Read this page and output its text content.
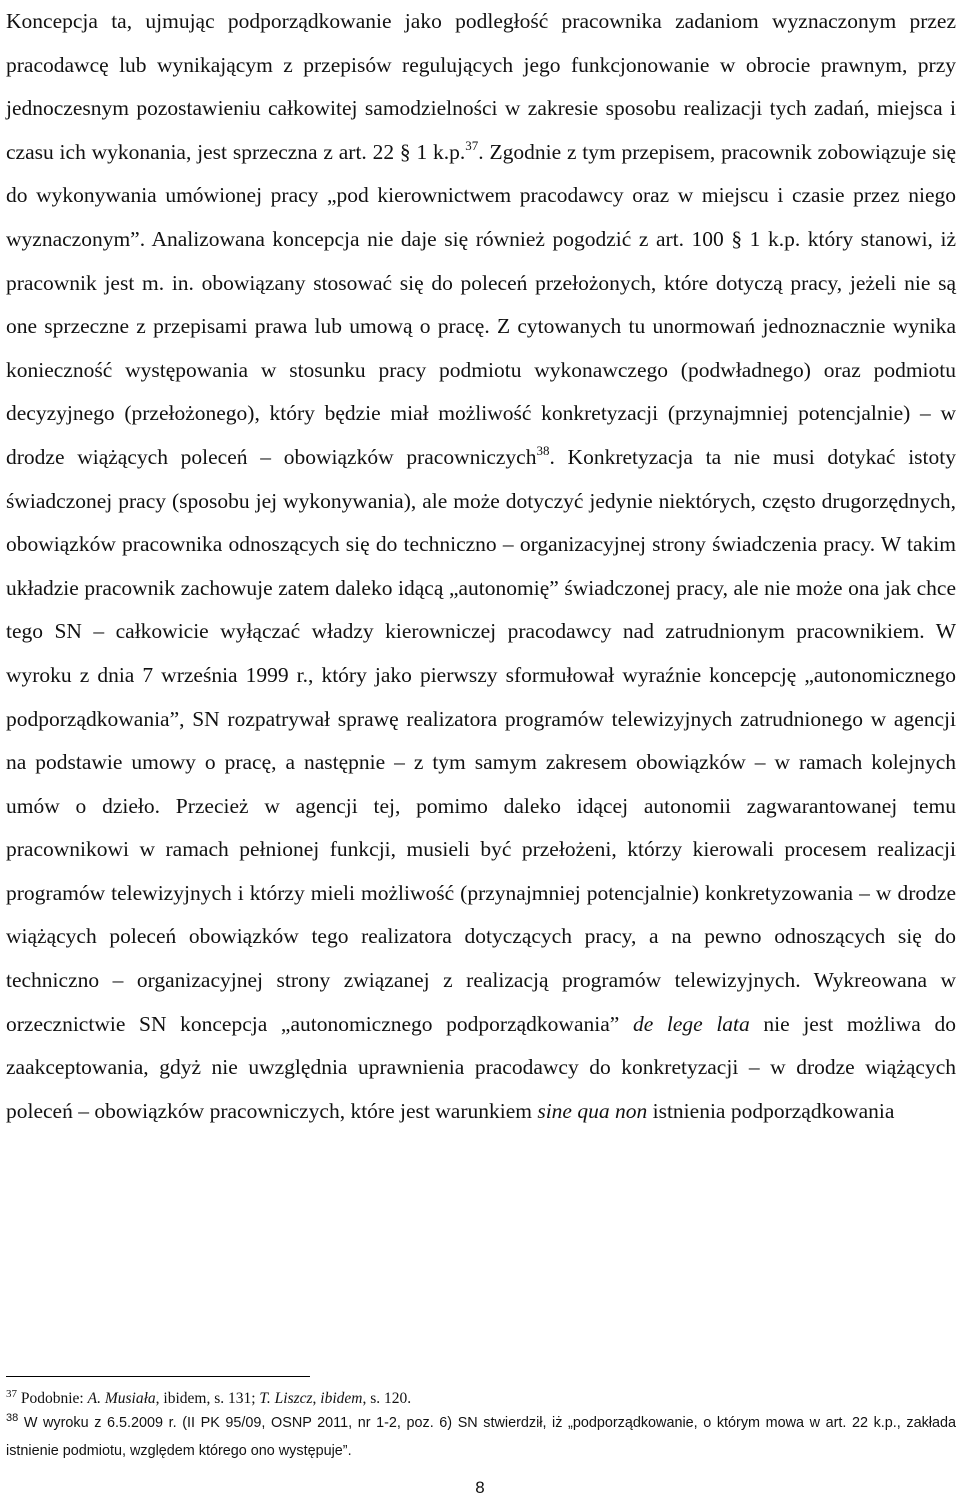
Koncepcja ta, ujmując podporządkowanie jako podległość pracownika zadaniom wyznaczonym przez pracodawcę lub wynikającym z przepisów regulujących jego funkcjonowanie w obrocie prawnym, przy jednoczesnym pozostawieniu całkowitej samodzielności w zakresie sposobu realizacji tych zadań, miejsca i czasu ich wykonania, jest sprzeczna z art. 22 § 1 k.p.$^{37}$. Zgodnie z tym przepisem, pracownik zobowiązuje się do wykonywania umówionej pracy „pod kierownictwem pracodawcy oraz w miejscu i czasie przez niego wyznaczonym”. Analizowana koncepcja nie daje się również pogodzić z art. 100 § 1 k.p. który stanowi, iż pracownik jest m. in. obowiązany stosować się do poleceń przełożonych, które dotyczą pracy, jeżeli nie są one sprzeczne z przepisami prawa lub umową o pracę. Z cytowanych tu unormowań jednoznacznie wynika konieczność występowania w stosunku pracy podmiotu wykonawczego (podwładnego) oraz podmiotu decyzyjnego (przełożonego), który będzie miał możliwość konkretyzacji (przynajmniej potencjalnie) – w drodze wiążących poleceń – obowiązków pracowniczych$^{38}$. Konkretyzacja ta nie musi dotykać istoty świadczonej pracy (sposobu jej wykonywania), ale może dotyczyć jedynie niektórych, często drugorzędnych, obowiązków pracownika odnoszących się do techniczno – organizacyjnej strony świadczenia pracy. W takim układzie pracownik zachowuje zatem daleko idącą „autonomię” świadczonej pracy, ale nie może ona jak chce tego SN – całkowicie wyłączać władzy kierowniczej pracodawcy nad zatrudnionym pracownikiem. W wyroku z dnia 7 września 1999 r., który jako pierwszy sformułował wyraźnie koncepcję „autonomicznego podporządkowania”, SN rozpatrywał sprawę realizatora programów telewizyjnych zatrudnionego w agencji na podstawie umowy o pracę, a następnie – z tym samym zakresem obowiązków – w ramach kolejnych umów o dzieło. Przecież w agencji tej, pomimo daleko idącej autonomii zagwarantowanej temu pracownikowi w ramach pełnionej funkcji, musieli być przełożeni, którzy kierowali procesem realizacji programów telewizyjnych i którzy mieli możliwość (przynajmniej potencjalnie) konkretyzowania – w drodze wiążących poleceń obowiązków tego realizatora dotyczących pracy, a na pewno odnoszących się do techniczno – organizacyjnej strony związanej z realizacją programów telewizyjnych. Wykreowana w orzecznictwie SN koncepcja „autonomicznego podporządkowania” de lege lata nie jest możliwa do zaakceptowania, gdyż nie uwzględnia uprawnienia pracodawcy do konkretyzacji – w drodze wiążących poleceń – obowiązków pracowniczych, które jest warunkiem sine qua non istnienia podporządkowania

$^{37}$ Podobnie: A. Musiała, ibidem, s. 131; T. Liszcz, ibidem, s. 120.

$^{38}$ W wyroku z 6.5.2009 r. (II PK 95/09, OSNP 2011, nr 1-2, poz. 6) SN stwierdził, iż „podporządkowanie, o którym mowa w art. 22 k.p., zakłada istnienie podmiotu, względem którego ono występuje”.

8
